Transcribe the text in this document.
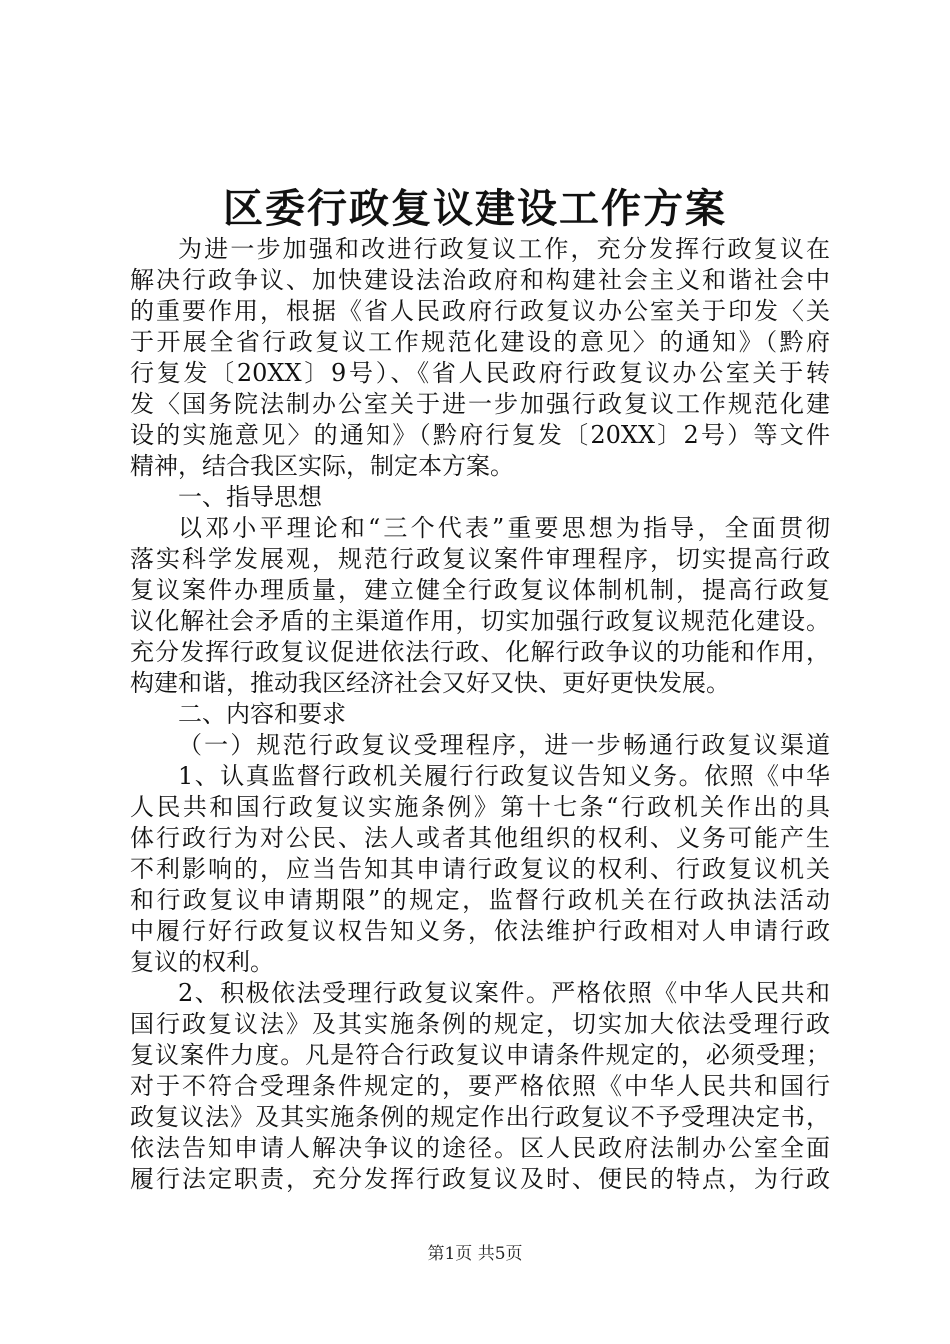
区委行政复议建设工作方案
为进一步加强和改进行政复议工作，充分发挥行政复议在
解决行政争议、加快建设法治政府和构建社会主义和谐社会中
的重要作用，根据《省人民政府行政复议办公室关于印发〈关
于开展全省行政复议工作规范化建设的意见〉的通知》（黔府
行复发〔20XX〕9号）、《省人民政府行政复议办公室关于转
发〈国务院法制办公室关于进一步加强行政复议工作规范化建
设的实施意见〉的通知》（黔府行复发〔20XX〕2号）等文件
精神，结合我区实际，制定本方案。
一、指导思想
以邓小平理论和“三个代表”重要思想为指导，全面贯彻
落实科学发展观，规范行政复议案件审理程序，切实提高行政
复议案件办理质量，建立健全行政复议体制机制，提高行政复
议化解社会矛盾的主渠道作用，切实加强行政复议规范化建设。
充分发挥行政复议促进依法行政、化解行政争议的功能和作用，
构建和谐，推动我区经济社会又好又快、更好更快发展。
二、内容和要求
（一）规范行政复议受理程序，进一步畅通行政复议渠道
1、认真监督行政机关履行行政复议告知义务。依照《中华
人民共和国行政复议实施条例》第十七条“行政机关作出的具
体行政行为对公民、法人或者其他组织的权利、义务可能产生
不利影响的，应当告知其申请行政复议的权利、行政复议机关
和行政复议申请期限”的规定，监督行政机关在行政执法活动
中履行好行政复议权告知义务，依法维护行政相对人申请行政
复议的权利。
2、积极依法受理行政复议案件。严格依照《中华人民共和
国行政复议法》及其实施条例的规定，切实加大依法受理行政
复议案件力度。凡是符合行政复议申请条件规定的，必须受理；
对于不符合受理条件规定的，要严格依照《中华人民共和国行
政复议法》及其实施条例的规定作出行政复议不予受理决定书，
依法告知申请人解决争议的途径。区人民政府法制办公室全面
履行法定职责，充分发挥行政复议及时、便民的特点，为行政
第1页 共5页
